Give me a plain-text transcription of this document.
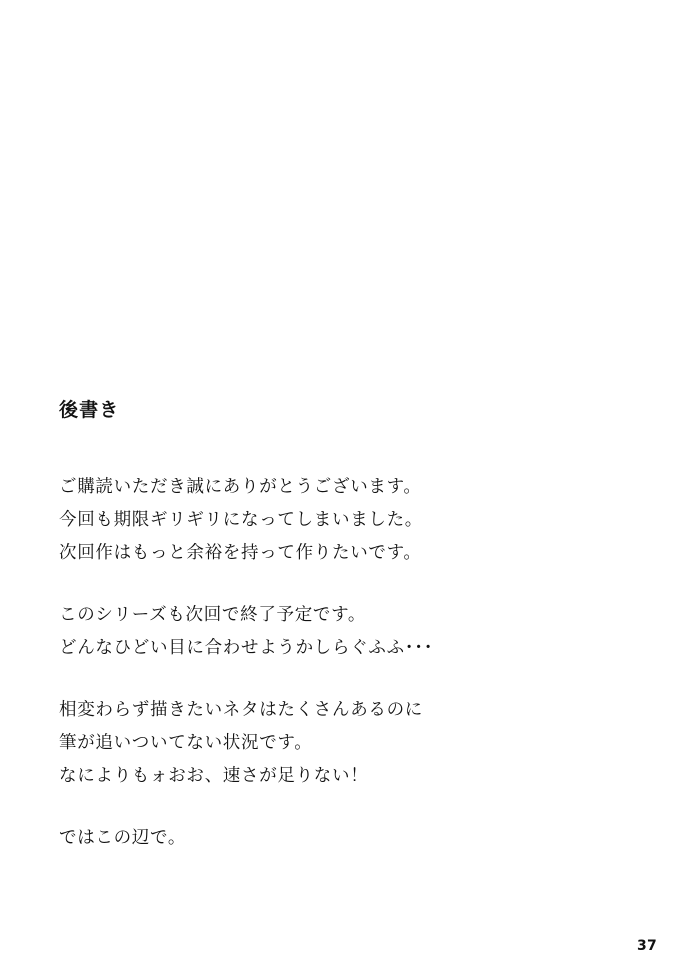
後書き

ご購読いただき誠にありがとうございます。
今回も期限ギリギリになってしまいました。
次回作はもっと余裕を持って作りたいです。

このシリーズも次回で終了予定です。
どんなひどい目に合わせようかしらぐふふ･･･

相変わらず描きたいネタはたくさんあるのに
筆が追いついてない状況です。
なによりもォおお、速さが足りない！

ではこの辺で。

37
